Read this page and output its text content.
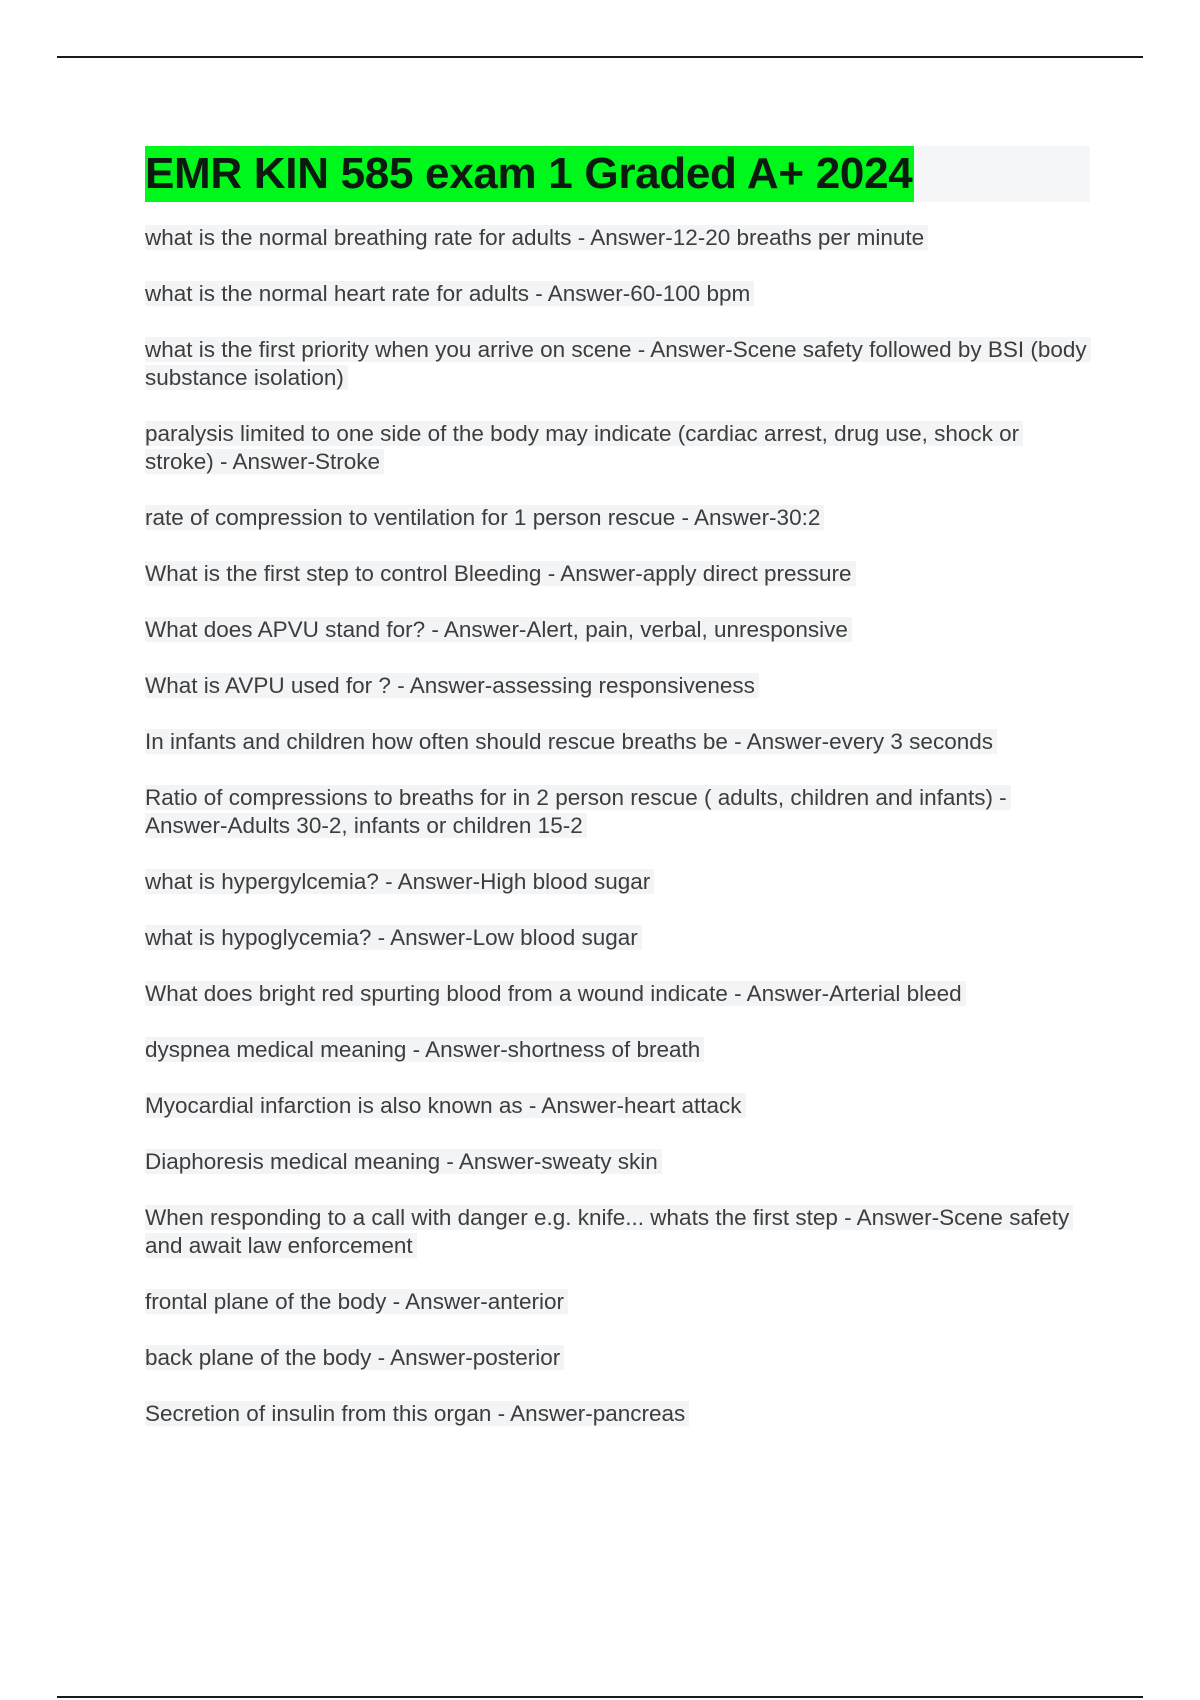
EMR KIN 585 exam 1 Graded A+ 2024
what is the normal breathing rate for adults - Answer-12-20 breaths per minute
what is the normal heart rate for adults - Answer-60-100 bpm
what is the first priority when you arrive on scene - Answer-Scene safety followed by BSI (body substance isolation)
paralysis limited to one side of the body may indicate (cardiac arrest, drug use, shock or stroke) - Answer-Stroke
rate of compression to ventilation for 1 person rescue - Answer-30:2
What is the first step to control Bleeding - Answer-apply direct pressure
What does APVU stand for? - Answer-Alert, pain, verbal, unresponsive
What is AVPU used for ? - Answer-assessing responsiveness
In infants and children how often should rescue breaths be - Answer-every 3 seconds
Ratio of compressions to breaths for in 2 person rescue ( adults, children and infants) - Answer-Adults 30-2, infants or children 15-2
what is hypergylcemia? - Answer-High blood sugar
what is hypoglycemia? - Answer-Low blood sugar
What does bright red spurting blood from a wound indicate - Answer-Arterial bleed
dyspnea medical meaning - Answer-shortness of breath
Myocardial infarction is also known as - Answer-heart attack
Diaphoresis medical meaning - Answer-sweaty skin
When responding to a call with danger e.g. knife... whats the first step - Answer-Scene safety and await law enforcement
frontal plane of the body - Answer-anterior
back plane of the body - Answer-posterior
Secretion of insulin from this organ - Answer-pancreas
